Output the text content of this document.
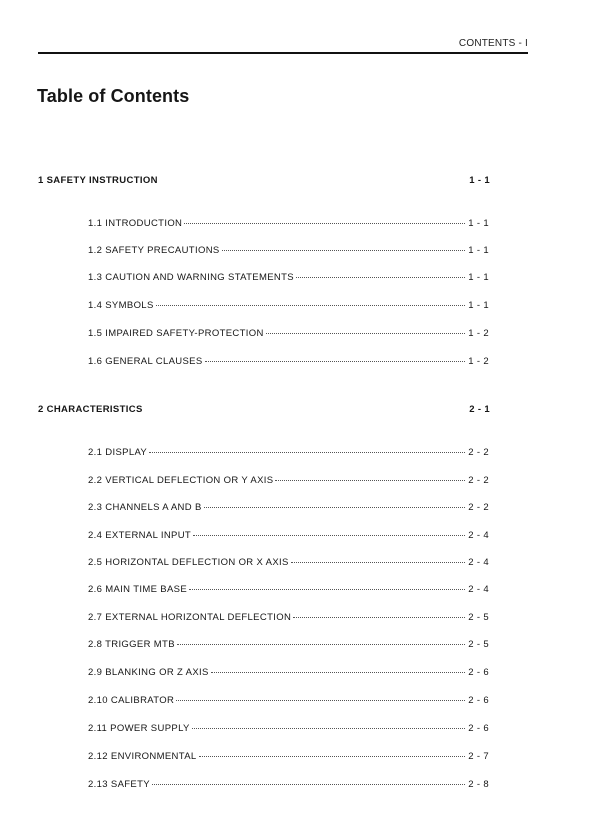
CONTENTS - I
Table of Contents
1 SAFETY INSTRUCTION	1 - 1
1.1 INTRODUCTION	1 - 1
1.2 SAFETY PRECAUTIONS	1 - 1
1.3 CAUTION AND WARNING STATEMENTS	1 - 1
1.4 SYMBOLS	1 - 1
1.5 IMPAIRED SAFETY-PROTECTION	1 - 2
1.6 GENERAL CLAUSES	1 - 2
2 CHARACTERISTICS	2 - 1
2.1 DISPLAY	2 - 2
2.2 VERTICAL DEFLECTION OR Y AXIS	2 - 2
2.3 CHANNELS A AND B	2 - 2
2.4 EXTERNAL INPUT	2 - 4
2.5 HORIZONTAL DEFLECTION OR X AXIS	2 - 4
2.6 MAIN TIME BASE	2 - 4
2.7 EXTERNAL HORIZONTAL DEFLECTION	2 - 5
2.8 TRIGGER MTB	2 - 5
2.9 BLANKING OR Z AXIS	2 - 6
2.10 CALIBRATOR	2 - 6
2.11 POWER SUPPLY	2 - 6
2.12 ENVIRONMENTAL	2 - 7
2.13 SAFETY	2 - 8
